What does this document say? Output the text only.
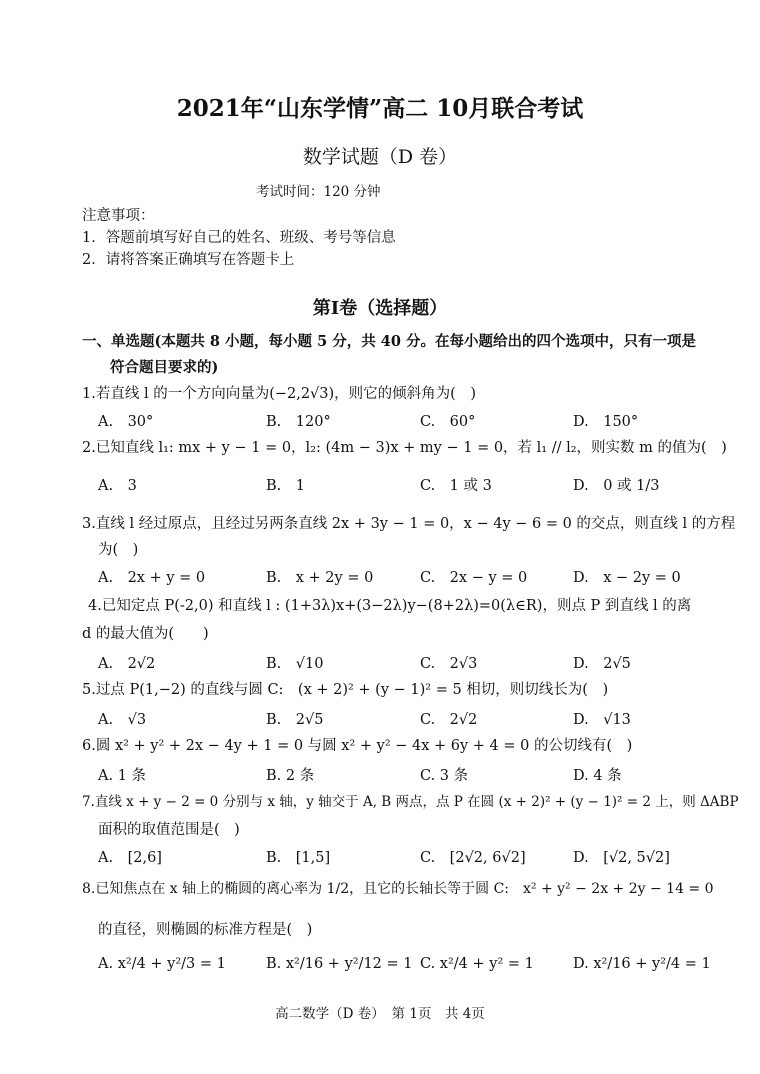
2021年“山东学情”高二 10月联合考试
数学试题（D 卷）
考试时间：120 分钟
注意事项：
1．答题前填写好自己的姓名、班级、考号等信息
2．请将答案正确填写在答题卡上
第Ⅰ卷（选择题）
一、单选题(本题共 8 小题，每小题 5 分，共 40 分。在每小题给出的四个选项中，只有一项是
符合题目要求的)
1.若直线 l 的一个方向向量为(−2,2√3)，则它的倾斜角为(　)
A.　30°	B.　120°	C.　60°	D.　150°
2.已知直线 l₁: mx + y − 1 = 0，l₂: (4m − 3)x + my − 1 = 0，若 l₁ // l₂，则实数 m 的值为(　)
A.　3	B.　1	C.　1 或 3	D.　0 或 1/3
3.直线 l 经过原点，且经过另两条直线 2x + 3y − 1 = 0，x − 4y − 6 = 0 的交点，则直线 l 的方程
为(　)
A.　2x + y = 0	B.　x + 2y = 0	C.　2x − y = 0	D.　x − 2y = 0
4.已知定点 P(-2,0) 和直线 l : (1+3λ)x+(3−2λ)y−(8+2λ)=0(λ∈R)，则点 P 到直线 l 的离
d 的最大值为(　　)
A.　2√2	B.　√10	C.　2√3	D.　2√5
5.过点 P(1,−2) 的直线与圆 C:　(x + 2)² + (y − 1)² = 5 相切，则切线长为(　)
A.　√3	B.　2√5	C.　2√2	D.　√13
6.圆 x² + y² + 2x − 4y + 1 = 0 与圆 x² + y² − 4x + 6y + 4 = 0 的公切线有(　)
A. 1 条	B. 2 条	C. 3 条	D. 4 条
7.直线 x + y − 2 = 0 分别与 x 轴，y 轴交于 A, B 两点，点 P 在圆 (x + 2)² + (y − 1)² = 2 上，则 ΔABP
面积的取值范围是(　)
A.　[2,6]	B.　[1,5]	C.　[2√2, 6√2]	D.　[√2, 5√2]
8.已知焦点在 x 轴上的椭圆的离心率为 1/2，且它的长轴长等于圆 C:　x² + y² − 2x + 2y − 14 = 0
的直径，则椭圆的标准方程是(　)
A. x²/4 + y²/3 = 1	B. x²/16 + y²/12 = 1 C. x²/4 + y² = 1	D. x²/16 + y²/4 = 1
高二数学（D 卷）　第 1页　共 4页
